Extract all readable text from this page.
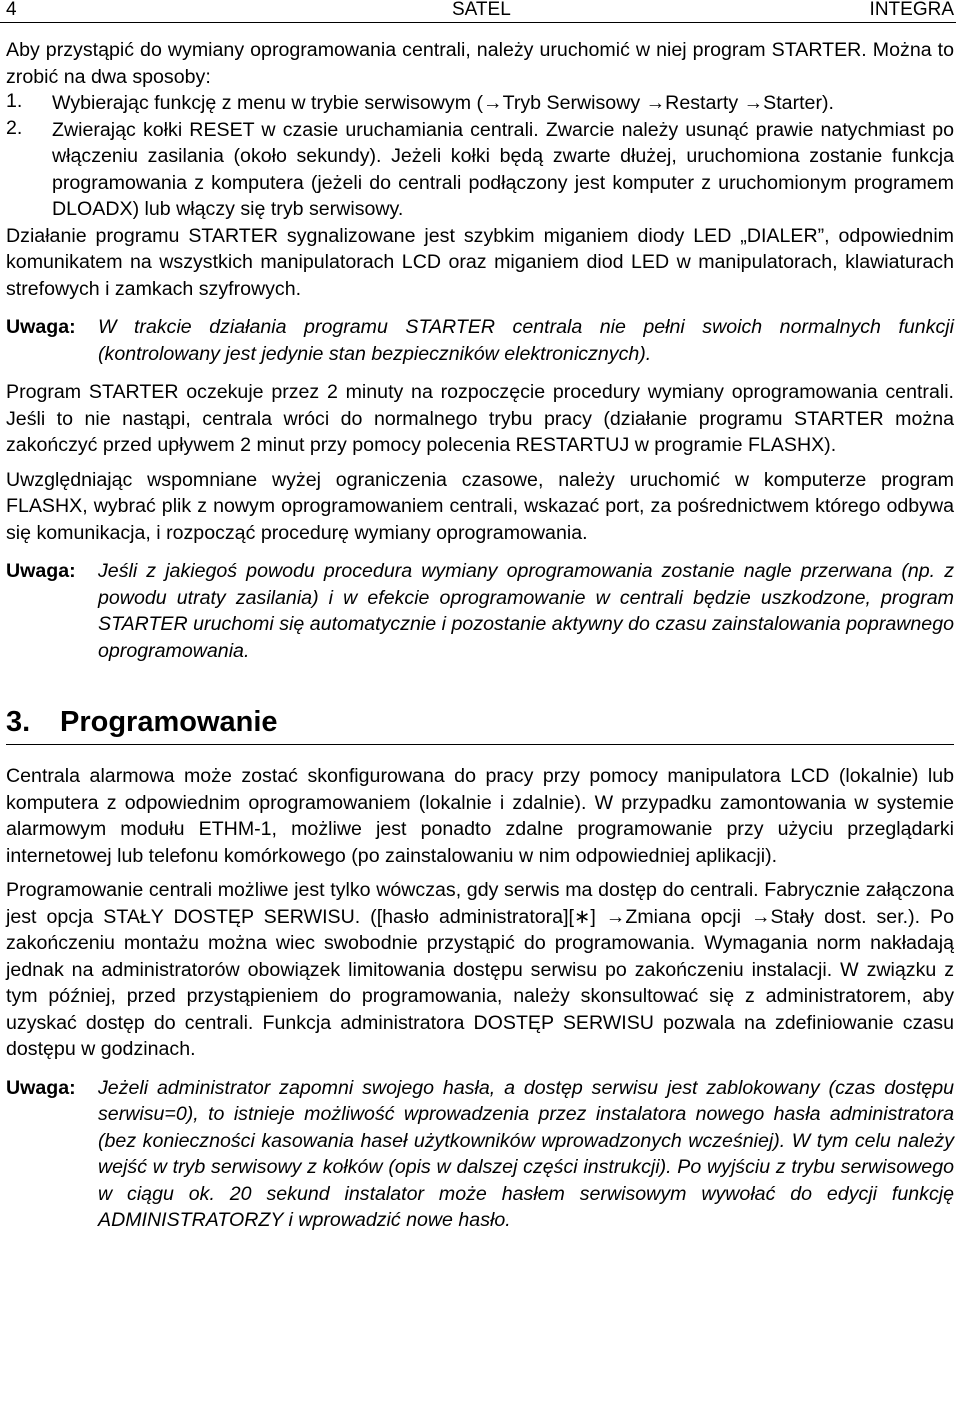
4	SATEL	INTEGRA

Aby przystąpić do wymiany oprogramowania centrali, należy uruchomić w niej program STARTER. Można to zrobić na dwa sposoby:

1.	Wybierając funkcję z menu w trybie serwisowym (→Tryb Serwisowy →Restarty →Starter).
2.	Zwierając kołki RESET w czasie uruchamiania centrali. Zwarcie należy usunąć prawie natychmiast po włączeniu zasilania (około sekundy). Jeżeli kołki będą zwarte dłużej, uruchomiona zostanie funkcja programowania z komputera (jeżeli do centrali podłączony jest komputer z uruchomionym programem DLOADX) lub włączy się tryb serwisowy.

Działanie programu STARTER sygnalizowane jest szybkim miganiem diody LED „DIALER”, odpowiednim komunikatem na wszystkich manipulatorach LCD oraz miganiem diod LED w manipulatorach, klawiaturach strefowych i zamkach szyfrowych.

Uwaga:	W trakcie działania programu STARTER centrala nie pełni swoich normalnych funkcji (kontrolowany jest jedynie stan bezpieczników elektronicznych).

Program STARTER oczekuje przez 2 minuty na rozpoczęcie procedury wymiany oprogramowania centrali. Jeśli to nie nastąpi, centrala wróci do normalnego trybu pracy (działanie programu STARTER można zakończyć przed upływem 2 minut przy pomocy polecenia RESTARTUJ w programie FLASHX).

Uwzględniając wspomniane wyżej ograniczenia czasowe, należy uruchomić w komputerze program FLASHX, wybrać plik z nowym oprogramowaniem centrali, wskazać port, za pośrednictwem którego odbywa się komunikacja, i rozpocząć procedurę wymiany oprogramowania.

Uwaga:	Jeśli z jakiegoś powodu procedura wymiany oprogramowania zostanie nagle przerwana (np. z powodu utraty zasilania) i w efekcie oprogramowanie w centrali będzie uszkodzone, program STARTER uruchomi się automatycznie i pozostanie aktywny do czasu zainstalowania poprawnego oprogramowania.
3. Programowanie

Centrala alarmowa może zostać skonfigurowana do pracy przy pomocy manipulatora LCD (lokalnie) lub komputera z odpowiednim oprogramowaniem (lokalnie i zdalnie). W przypadku zamontowania w systemie alarmowym modułu ETHM-1, możliwe jest ponadto zdalne programowanie przy użyciu przeglądarki internetowej lub telefonu komórkowego (po zainstalowaniu w nim odpowiedniej aplikacji).

Programowanie centrali możliwe jest tylko wówczas, gdy serwis ma dostęp do centrali. Fabrycznie załączona jest opcja STAŁY DOSTĘP SERWISU. ([hasło administratora][∗] →Zmiana opcji →Stały dost. ser.). Po zakończeniu montażu można wiec swobodnie przystąpić do programowania. Wymagania norm nakładają jednak na administratorów obowiązek limitowania dostępu serwisu po zakończeniu instalacji. W związku z tym później, przed przystąpieniem do programowania, należy skonsultować się z administratorem, aby uzyskać dostęp do centrali. Funkcja administratora DOSTĘP SERWISU pozwala na zdefiniowanie czasu dostępu w godzinach.

Uwaga:	Jeżeli administrator zapomni swojego hasła, a dostęp serwisu jest zablokowany (czas dostępu serwisu=0), to istnieje możliwość wprowadzenia przez instalatora nowego hasła administratora (bez konieczności kasowania haseł użytkowników wprowadzonych wcześniej). W tym celu należy wejść w tryb serwisowy z kołków (opis w dalszej części instrukcji). Po wyjściu z trybu serwisowego w ciągu ok. 20 sekund instalator może hasłem serwisowym wywołać do edycji funkcję ADMINISTRATORZY i wprowadzić nowe hasło.
